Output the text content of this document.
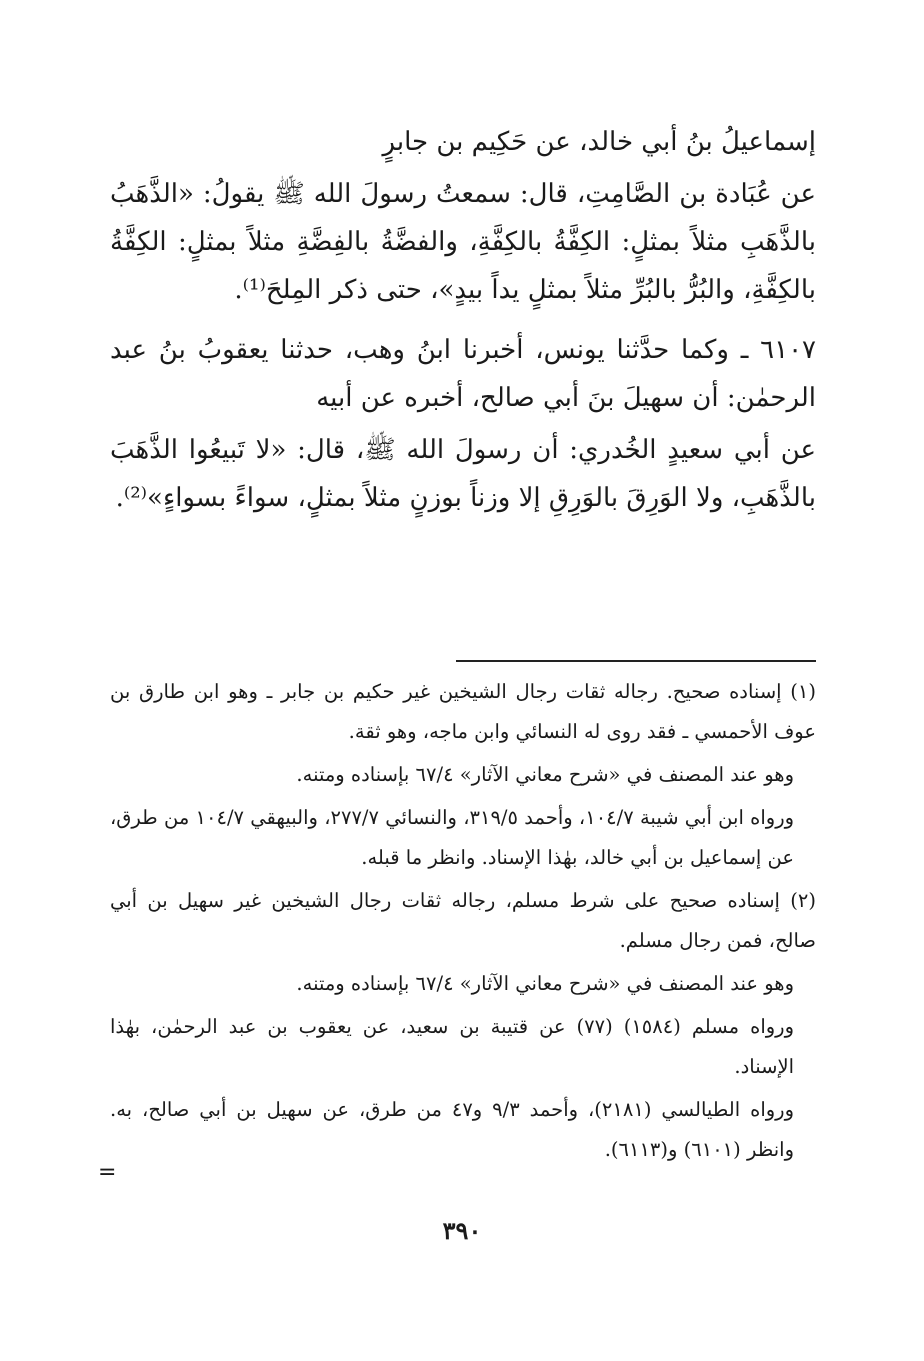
إسماعيلُ بنُ أبي خالد، عن حَكِيم بن جابرٍ

عن عُبَادة بن الصَّامِتِ، قال: سمعتُ رسولَ الله ﷺ يقولُ: «الذَّهَبُ بالذَّهَبِ مثلاً بمثلٍ: الكِفَّةُ بالكِفَّةِ، والفضَّةُ بالفِضَّةِ مثلاً بمثلٍ: الكِفَّةُ بالكِفَّةِ، والبُرُّ بالبُرِّ مثلاً بمثلٍ يداً بيدٍ»، حتى ذكر المِلحَ⁽¹⁾.

٦١٠٧ ـ وكما حدَّثنا يونس، أخبرنا ابنُ وهب، حدثنا يعقوبُ بنُ عبد الرحمٰن: أن سهيلَ بنَ أبي صالح، أخبره عن أبيه

عن أبي سعيدٍ الخُدري: أن رسولَ الله ﷺ، قال: «لا تَبيعُوا الذَّهَبَ بالذَّهَبِ، ولا الوَرِقَ بالوَرِقِ إلا وزناً بوزنٍ مثلاً بمثلٍ، سواءً بسواءٍ»⁽²⁾.

(١) إسناده صحيح. رجاله ثقات رجال الشيخين غير حكيم بن جابر ـ وهو ابن طارق بن عوف الأحمسي ـ فقد روى له النسائي وابن ماجه، وهو ثقة.

وهو عند المصنف في «شرح معاني الآثار» ٦٧/٤ بإسناده ومتنه.

ورواه ابن أبي شيبة ١٠٤/٧، وأحمد ٣١٩/٥، والنسائي ٢٧٧/٧، والبيهقي ١٠٤/٧ من طرق، عن إسماعيل بن أبي خالد، بهٰذا الإسناد. وانظر ما قبله.

(٢) إسناده صحيح على شرط مسلم، رجاله ثقات رجال الشيخين غير سهيل بن أبي صالح، فمن رجال مسلم.

وهو عند المصنف في «شرح معاني الآثار» ٦٧/٤ بإسناده ومتنه.

ورواه مسلم (١٥٨٤) (٧٧) عن قتيبة بن سعيد، عن يعقوب بن عبد الرحمٰن، بهٰذا الإسناد.

ورواه الطيالسي (٢١٨١)، وأحمد ٩/٣ و٤٧ من طرق، عن سهيل بن أبي صالح، به. وانظر (٦١٠١) و(٦١١٣).

=
٣٩٠
